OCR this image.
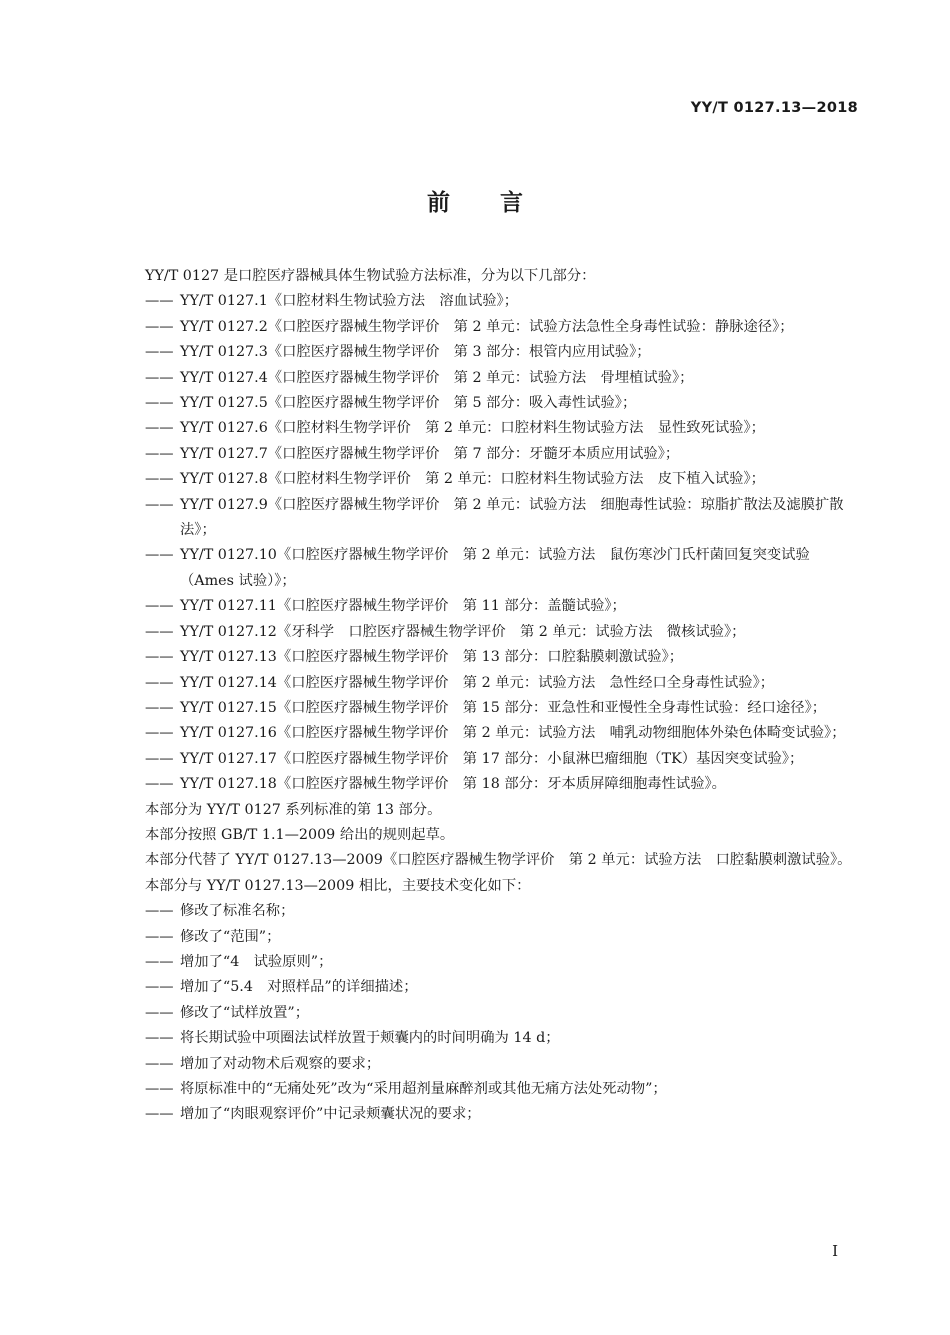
YY/T 0127.13—2018
前言

YY/T 0127 是口腔医疗器械具体生物试验方法标准，分为以下几部分：

—— YY/T 0127.1《口腔材料生物试验方法　溶血试验》；

—— YY/T 0127.2《口腔医疗器械生物学评价　第 2 单元：试验方法急性全身毒性试验：静脉途径》；

—— YY/T 0127.3《口腔医疗器械生物学评价　第 3 部分：根管内应用试验》；

—— YY/T 0127.4《口腔医疗器械生物学评价　第 2 单元：试验方法　骨埋植试验》；

—— YY/T 0127.5《口腔医疗器械生物学评价　第 5 部分：吸入毒性试验》；

—— YY/T 0127.6《口腔材料生物学评价　第 2 单元：口腔材料生物试验方法　显性致死试验》；

—— YY/T 0127.7《口腔医疗器械生物学评价　第 7 部分：牙髓牙本质应用试验》；

—— YY/T 0127.8《口腔材料生物学评价　第 2 单元：口腔材料生物试验方法　皮下植入试验》；

—— YY/T 0127.9《口腔医疗器械生物学评价　第 2 单元：试验方法　细胞毒性试验：琼脂扩散法及滤膜扩散法》；

—— YY/T 0127.10《口腔医疗器械生物学评价　第 2 单元：试验方法　鼠伤寒沙门氏杆菌回复突变试验（Ames 试验）》；

—— YY/T 0127.11《口腔医疗器械生物学评价　第 11 部分：盖髓试验》；

—— YY/T 0127.12《牙科学　口腔医疗器械生物学评价　第 2 单元：试验方法　微核试验》；

—— YY/T 0127.13《口腔医疗器械生物学评价　第 13 部分：口腔黏膜刺激试验》；

—— YY/T 0127.14《口腔医疗器械生物学评价　第 2 单元：试验方法　急性经口全身毒性试验》；

—— YY/T 0127.15《口腔医疗器械生物学评价　第 15 部分：亚急性和亚慢性全身毒性试验：经口途径》；

—— YY/T 0127.16《口腔医疗器械生物学评价　第 2 单元：试验方法　哺乳动物细胞体外染色体畸变试验》；

—— YY/T 0127.17《口腔医疗器械生物学评价　第 17 部分：小鼠淋巴瘤细胞（TK）基因突变试验》；

—— YY/T 0127.18《口腔医疗器械生物学评价　第 18 部分：牙本质屏障细胞毒性试验》。

本部分为 YY/T 0127 系列标准的第 13 部分。

本部分按照 GB/T 1.1—2009 给出的规则起草。

本部分代替了 YY/T 0127.13—2009《口腔医疗器械生物学评价　第 2 单元：试验方法　口腔黏膜刺激试验》。

本部分与 YY/T 0127.13—2009 相比，主要技术变化如下：

—— 修改了标准名称；

—— 修改了“范围”；

—— 增加了“4　试验原则”；

—— 增加了“5.4　对照样品”的详细描述；

—— 修改了“试样放置”；

—— 将长期试验中项圈法试样放置于颊囊内的时间明确为 14 d；

—— 增加了对动物术后观察的要求；

—— 将原标准中的“无痛处死”改为“采用超剂量麻醉剂或其他无痛方法处死动物”；

—— 增加了“肉眼观察评价”中记录颊囊状况的要求；

I
